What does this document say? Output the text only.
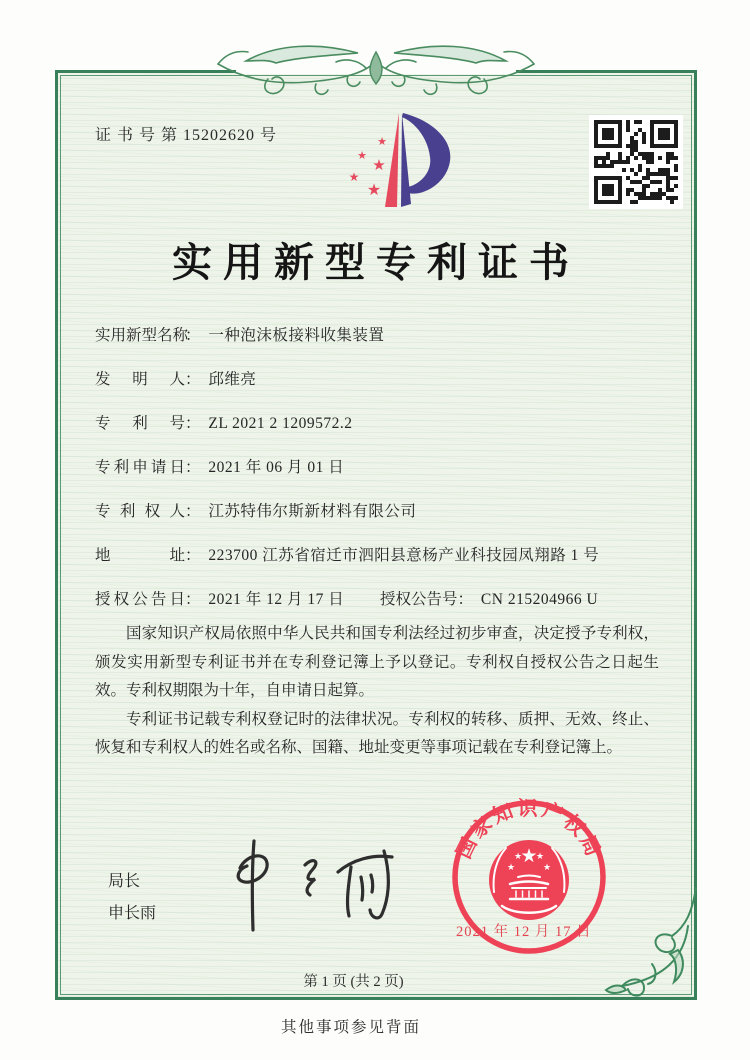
证 书 号 第 15202620 号	★
★
★
★
★
实用新型专利证书
实用新型名称： 一种泡沫板接料收集装置
发明人： 邱维亮
专利号： ZL 2021 2 1209572.2
专利申请日： 2021 年 06 月 01 日
专利权人： 江苏特伟尔斯新材料有限公司
地址： 223700 江苏省宿迁市泗阳县意杨产业科技园凤翔路 1 号
授权公告日： 2021 年 12 月 17 日 授权公告号： CN 215204966 U

国家知识产权局依照中华人民共和国专利法经过初步审查，决定授予专利权，颁发实用新型专利证书并在专利登记簿上予以登记。专利权自授权公告之日起生效。专利权期限为十年，自申请日起算。

专利证书记载专利权登记时的法律状况。专利权的转移、质押、无效、终止、恢复和专利权人的姓名或名称、国籍、地址变更等事项记载在专利登记簿上。

局长
申长雨
国家知识产权局
★
★
★ ★
★
2021 年 12 月 17 日
第 1 页 (共 2 页)
其他事项参见背面
